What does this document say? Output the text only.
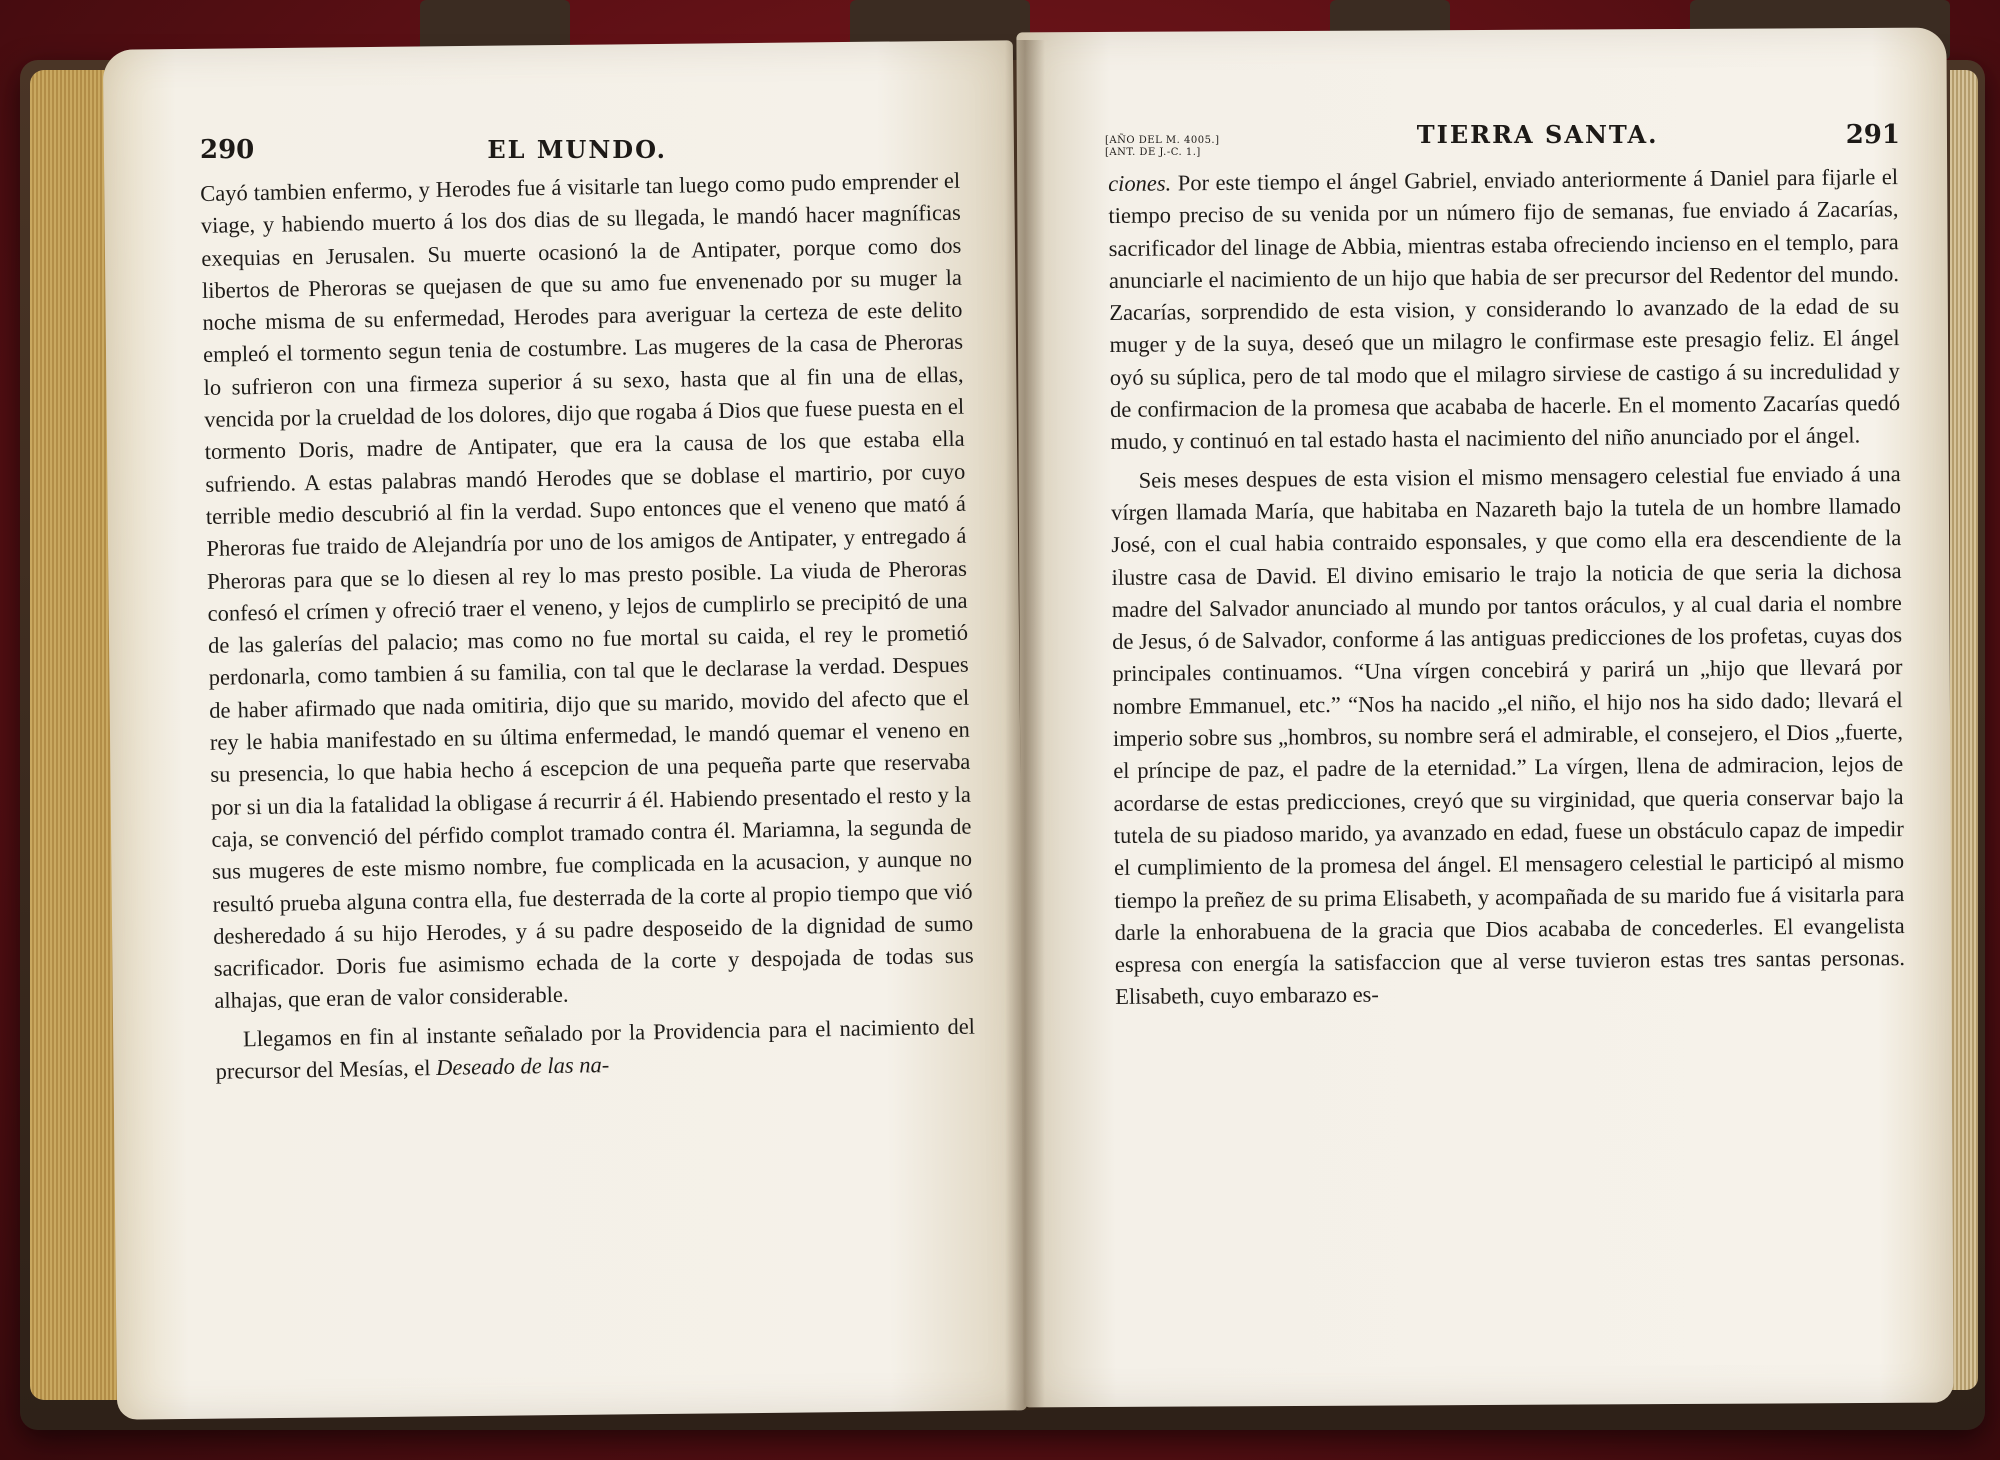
290	EL MUNDO.

Cayó tambien enfermo, y Herodes fue á visitarle tan luego como pudo emprender el viage, y habiendo muerto á los dos dias de su llegada, le mandó hacer magníficas exequias en Jerusalen. Su muerte ocasionó la de Antipater, porque como dos libertos de Pheroras se quejasen de que su amo fue envenenado por su muger la noche misma de su enfermedad, Herodes para averiguar la certeza de este delito empleó el tormento segun tenia de costumbre. Las mugeres de la casa de Pheroras lo sufrieron con una firmeza superior á su sexo, hasta que al fin una de ellas, vencida por la crueldad de los dolores, dijo que rogaba á Dios que fuese puesta en el tormento Doris, madre de Antipater, que era la causa de los que estaba ella sufriendo. A estas palabras mandó Herodes que se doblase el martirio, por cuyo terrible medio descubrió al fin la verdad. Supo entonces que el veneno que mató á Pheroras fue traido de Alejandría por uno de los amigos de Antipater, y entregado á Pheroras para que se lo diesen al rey lo mas presto posible. La viuda de Pheroras confesó el crímen y ofreció traer el veneno, y lejos de cumplirlo se precipitó de una de las galerías del palacio; mas como no fue mortal su caida, el rey le prometió perdonarla, como tambien á su familia, con tal que le declarase la verdad. Despues de haber afirmado que nada omitiria, dijo que su marido, movido del afecto que el rey le habia manifestado en su última enfermedad, le mandó quemar el veneno en su presencia, lo que habia hecho á escepcion de una pequeña parte que reservaba por si un dia la fatalidad la obligase á recurrir á él. Habiendo presentado el resto y la caja, se convenció del pérfido complot tramado contra él. Mariamna, la segunda de sus mugeres de este mismo nombre, fue complicada en la acusacion, y aunque no resultó prueba alguna contra ella, fue desterrada de la corte al propio tiempo que vió desheredado á su hijo Herodes, y á su padre desposeido de la dignidad de sumo sacrificador. Doris fue asimismo echada de la corte y despojada de todas sus alhajas, que eran de valor considerable.

Llegamos en fin al instante señalado por la Providencia para el nacimiento del precursor del Mesías, el Deseado de las na-

[AÑO DEL M. 4005.]
[ANT. DE J.-C. 1.]
TIERRA SANTA.	291

ciones. Por este tiempo el ángel Gabriel, enviado anteriormente á Daniel para fijarle el tiempo preciso de su venida por un número fijo de semanas, fue enviado á Zacarías, sacrificador del linage de Abbia, mientras estaba ofreciendo incienso en el templo, para anunciarle el nacimiento de un hijo que habia de ser precursor del Redentor del mundo. Zacarías, sorprendido de esta vision, y considerando lo avanzado de la edad de su muger y de la suya, deseó que un milagro le confirmase este presagio feliz. El ángel oyó su súplica, pero de tal modo que el milagro sirviese de castigo á su incredulidad y de confirmacion de la promesa que acababa de hacerle. En el momento Zacarías quedó mudo, y continuó en tal estado hasta el nacimiento del niño anunciado por el ángel.

Seis meses despues de esta vision el mismo mensagero celestial fue enviado á una vírgen llamada María, que habitaba en Nazareth bajo la tutela de un hombre llamado José, con el cual habia contraido esponsales, y que como ella era descendiente de la ilustre casa de David. El divino emisario le trajo la noticia de que seria la dichosa madre del Salvador anunciado al mundo por tantos oráculos, y al cual daria el nombre de Jesus, ó de Salvador, conforme á las antiguas predicciones de los profetas, cuyas dos principales continuamos. “Una vírgen concebirá y parirá un „hijo que llevará por nombre Emmanuel, etc.” “Nos ha nacido „el niño, el hijo nos ha sido dado; llevará el imperio sobre sus „hombros, su nombre será el admirable, el consejero, el Dios „fuerte, el príncipe de paz, el padre de la eternidad.” La vírgen, llena de admiracion, lejos de acordarse de estas predicciones, creyó que su virginidad, que queria conservar bajo la tutela de su piadoso marido, ya avanzado en edad, fuese un obstáculo capaz de impedir el cumplimiento de la promesa del ángel. El mensagero celestial le participó al mismo tiempo la preñez de su prima Elisabeth, y acompañada de su marido fue á visitarla para darle la enhorabuena de la gracia que Dios acababa de concederles. El evangelista espresa con energía la satisfaccion que al verse tuvieron estas tres santas personas. Elisabeth, cuyo embarazo es-
